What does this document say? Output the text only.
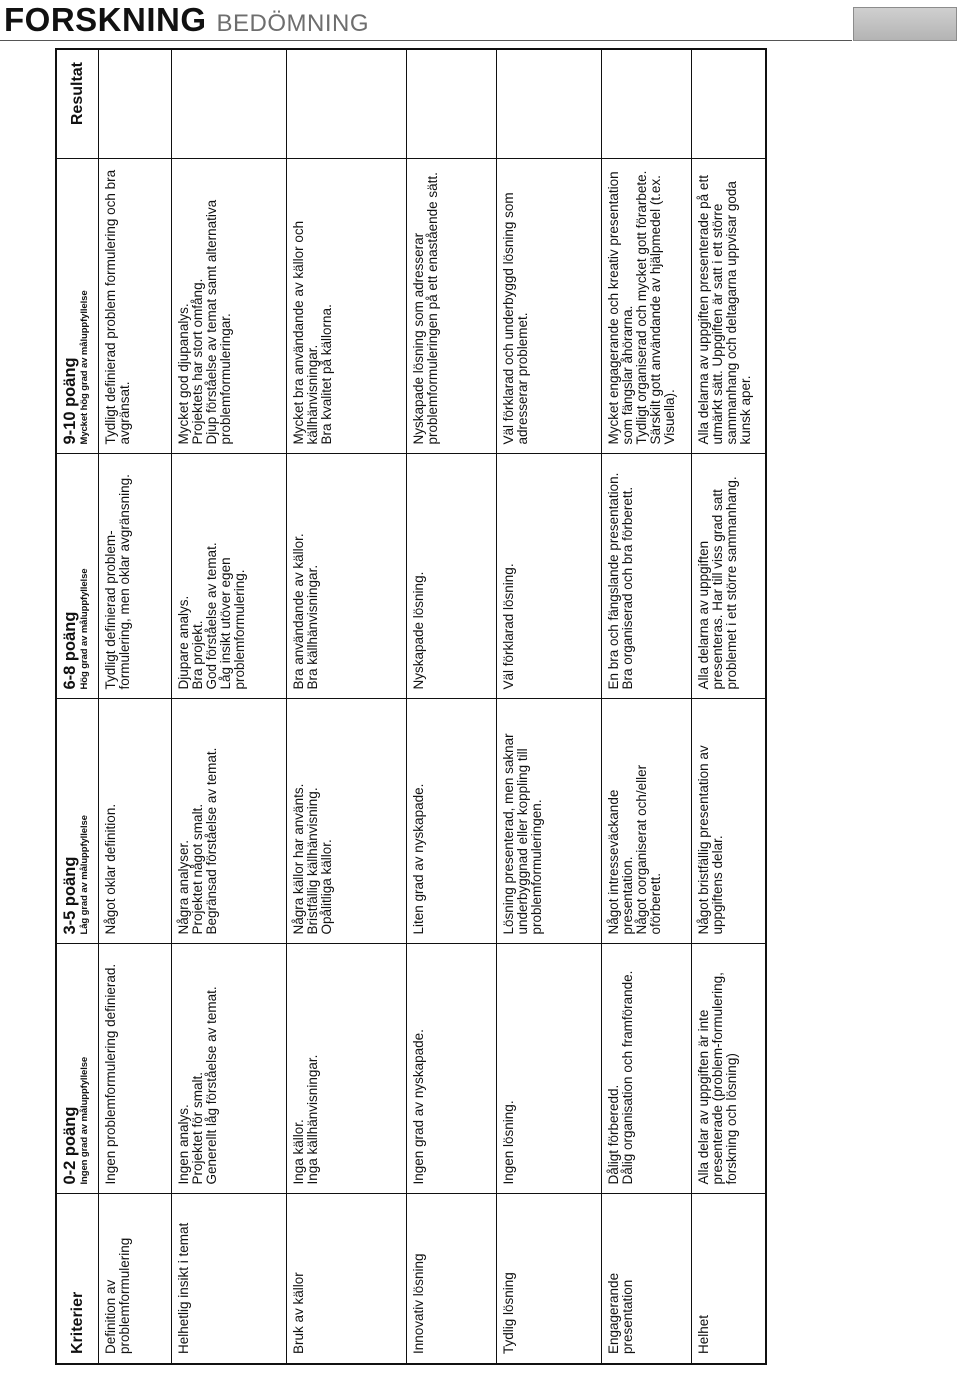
FORSKNING BEDÖMNING
Kriterier	0-2 poäng Ingen grad av måluppfyllelse	3-5 poäng Låg grad av måluppfyllelse	6-8 poäng Hög grad av måluppfyllelse	9-10 poäng Mycket hög grad av måluppfyllelse	Resultat
Definition av problemformulering	Ingen problemformulering definierad.	Något oklar definition.	Tydligt definierad problem-formulering, men oklar avgränsning.	Tydligt definierad problem formulering och bra avgränsat.	

Helhetlig insikt i temat	Ingen analys. Projektet för smalt. Generellt låg förståelse av temat.	Några analyser. Projektet något smalt. Begränsad förståelse av temat.	Djupare analys. Bra projekt. God förståelse av temat. Låg insikt utöver egen problemformulering.	Mycket god djupanalys. Projektets har stort omfång. Djup förståelse av temat samt alternativa problemformuleringar.	

Bruk av källor	Inga källor. Inga källhänvisningar.	Några källor har använts. Bristfällig källhänvisning. Opålitliga källor.	Bra användande av källor. Bra källhänvisningar.	Mycket bra användande av källor och källhänvisningar. Bra kvalitet på källorna.	

Innovativ lösning	Ingen grad av nyskapade.	Liten grad av nyskapade.	Nyskapade lösning.	Nyskapade lösning som adresserar problemformuleringen på ett enastående sätt.	

Tydlig lösning	Ingen lösning.	Lösning presenterad, men saknar underbyggnad eller koppling till problemformuleringen.	Väl förklarad lösning.	Väl förklarad och underbyggd lösning som adresserar problemet.	

Engagerande presentation	Dåligt förberedd. Dålig organisation och framförande.	Något intresseväckande presentation. Något oorganiserat och/eller oförberett.	En bra och fängslande presentation. Bra organiserad och bra förberett.	Mycket engagerande och kreativ presentation som fängslar åhörarna. Tydligt organiserad och mycket gott förarbete. Särskilt gott användande av hjälpmedel (t.ex. Visuella).	

Helhet	Alla delar av uppgiften är inte presenterade (problem-formulering, forskning och lösning)	Något bristfällig presentation av uppgiftens delar.	Alla delarna av uppgiften presenteras. Har till viss grad satt problemet i ett större sammanhang.	Alla delarna av uppgiften presenterade på ett utmärkt sätt. Uppgiften är satt i ett större sammanhang och deltagarna uppvisar goda kunsk aper.	
